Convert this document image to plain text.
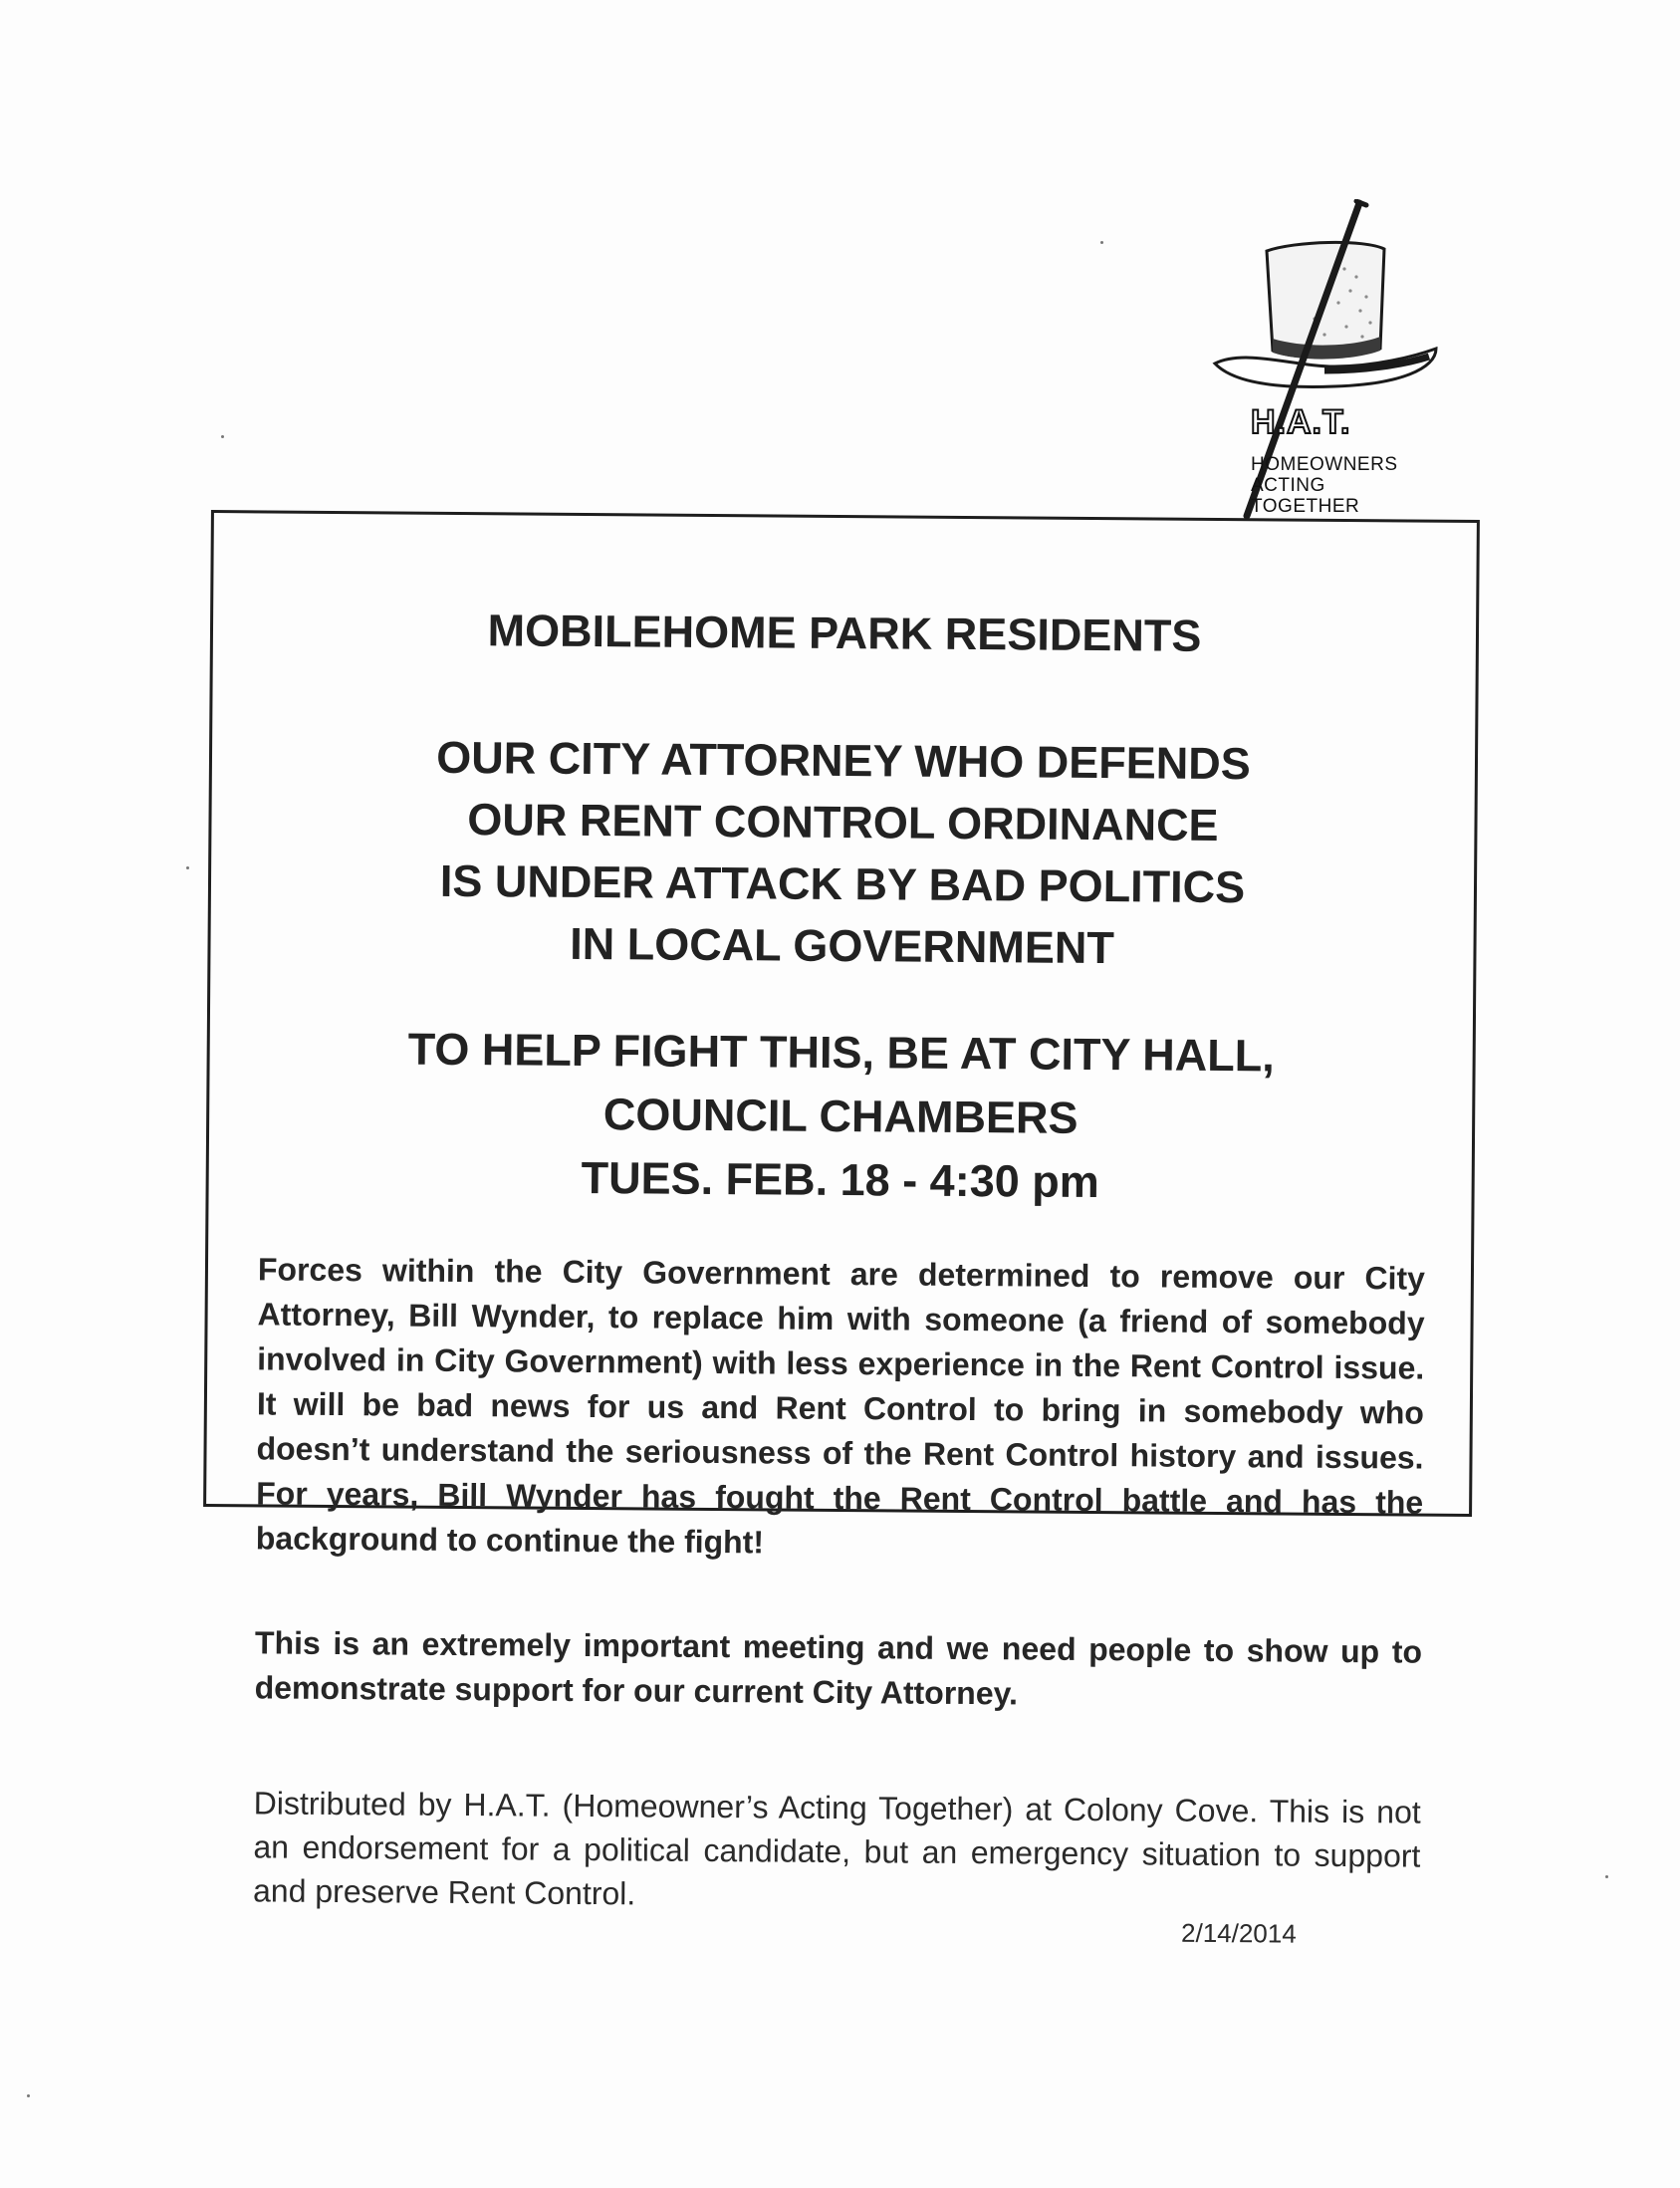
H.A.T.
HOMEOWNERS
ACTING
TOGETHER
MOBILEHOME PARK RESIDENTS
OUR CITY ATTORNEY WHO DEFENDS
OUR RENT CONTROL ORDINANCE
IS UNDER ATTACK BY BAD POLITICS
IN LOCAL GOVERNMENT
TO HELP FIGHT THIS, BE AT CITY HALL,
COUNCIL CHAMBERS
TUES. FEB. 18 - 4:30 pm

Forces within the City Government are determined to remove our City Attorney, Bill Wynder, to replace him with someone (a friend of somebody involved in City Government) with less experience in the Rent Control issue. It will be bad news for us and Rent Control to bring in somebody who doesn’t understand the seriousness of the Rent Control history and issues. For years, Bill Wynder has fought the Rent Control battle and has the background to continue the fight!

This is an extremely important meeting and we need people to show up to demonstrate support for our current City Attorney.

Distributed by H.A.T. (Homeowner’s Acting Together) at Colony Cove. This is not an endorsement for a political candidate, but an emergency situation to support and preserve Rent Control.

2/14/2014
